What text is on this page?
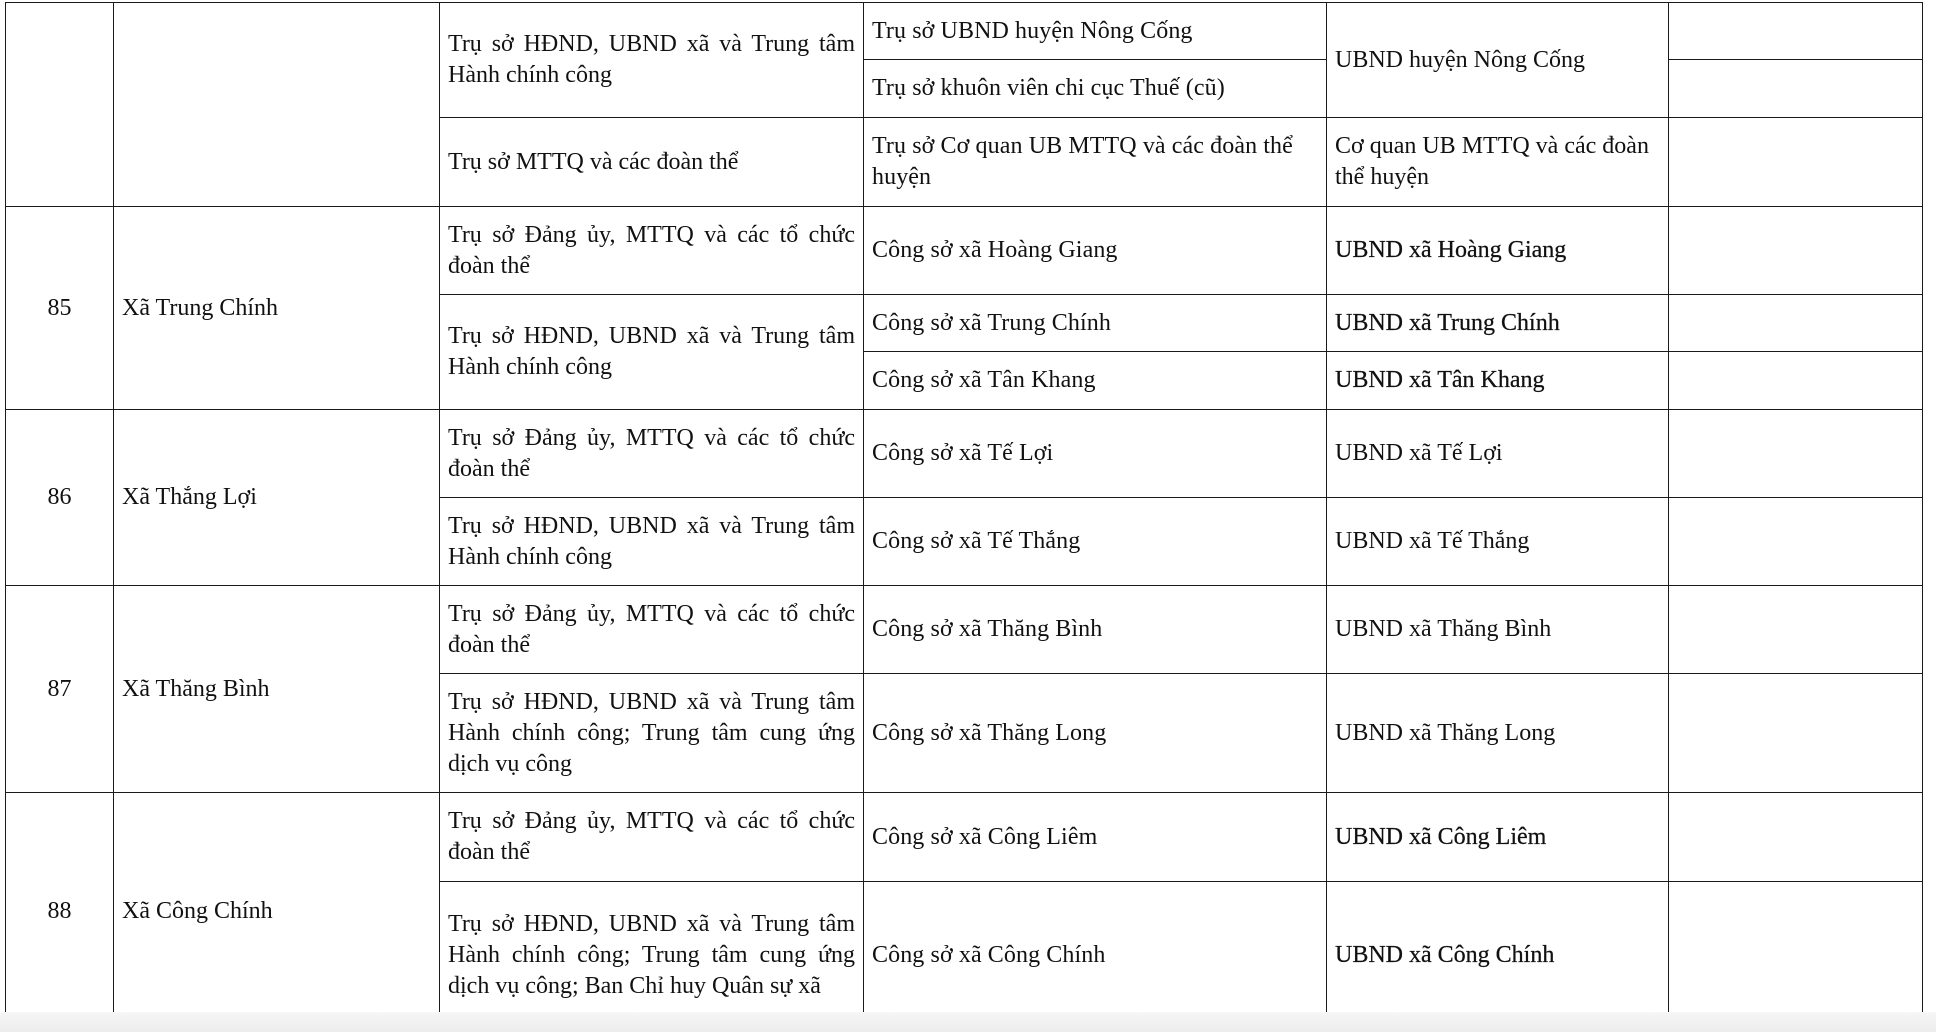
		Trụ sở HĐND, UBND xã và Trung tâm Hành chính công	Trụ sở UBND huyện Nông Cống	UBND huyện Nông Cống	
			Trụ sở khuôn viên chi cục Thuế (cũ)		
		Trụ sở MTTQ và các đoàn thể	Trụ sở Cơ quan UB MTTQ và các đoàn thể huyện	Cơ quan UB MTTQ và các đoàn thể huyện	
85	Xã Trung Chính	Trụ sở Đảng ủy, MTTQ và các tổ chức đoàn thể	Công sở xã Hoàng Giang	UBND xã Hoàng Giang	
		Trụ sở HĐND, UBND xã và Trung tâm Hành chính công	Công sở xã Trung Chính	UBND xã Trung Chính	
			Công sở xã Tân Khang	UBND xã Tân Khang	
86	Xã Thắng Lợi	Trụ sở Đảng ủy, MTTQ và các tổ chức đoàn thể	Công sở xã Tế Lợi	UBND xã Tế Lợi	
		Trụ sở HĐND, UBND xã và Trung tâm Hành chính công	Công sở xã Tế Thắng	UBND xã Tế Thắng	
87	Xã Thăng Bình	Trụ sở Đảng ủy, MTTQ và các tổ chức đoàn thể	Công sở xã Thăng Bình	UBND xã Thăng Bình	
		Trụ sở HĐND, UBND xã và Trung tâm Hành chính công; Trung tâm cung ứng dịch vụ công	Công sở xã Thăng Long	UBND xã Thăng Long	
88	Xã Công Chính	Trụ sở Đảng ủy, MTTQ và các tổ chức đoàn thể	Công sở xã Công Liêm	UBND xã Công Liêm	
		Trụ sở HĐND, UBND xã và Trung tâm Hành chính công; Trung tâm cung ứng dịch vụ công; Ban Chỉ huy Quân sự xã	Công sở xã Công Chính	UBND xã Công Chính	
